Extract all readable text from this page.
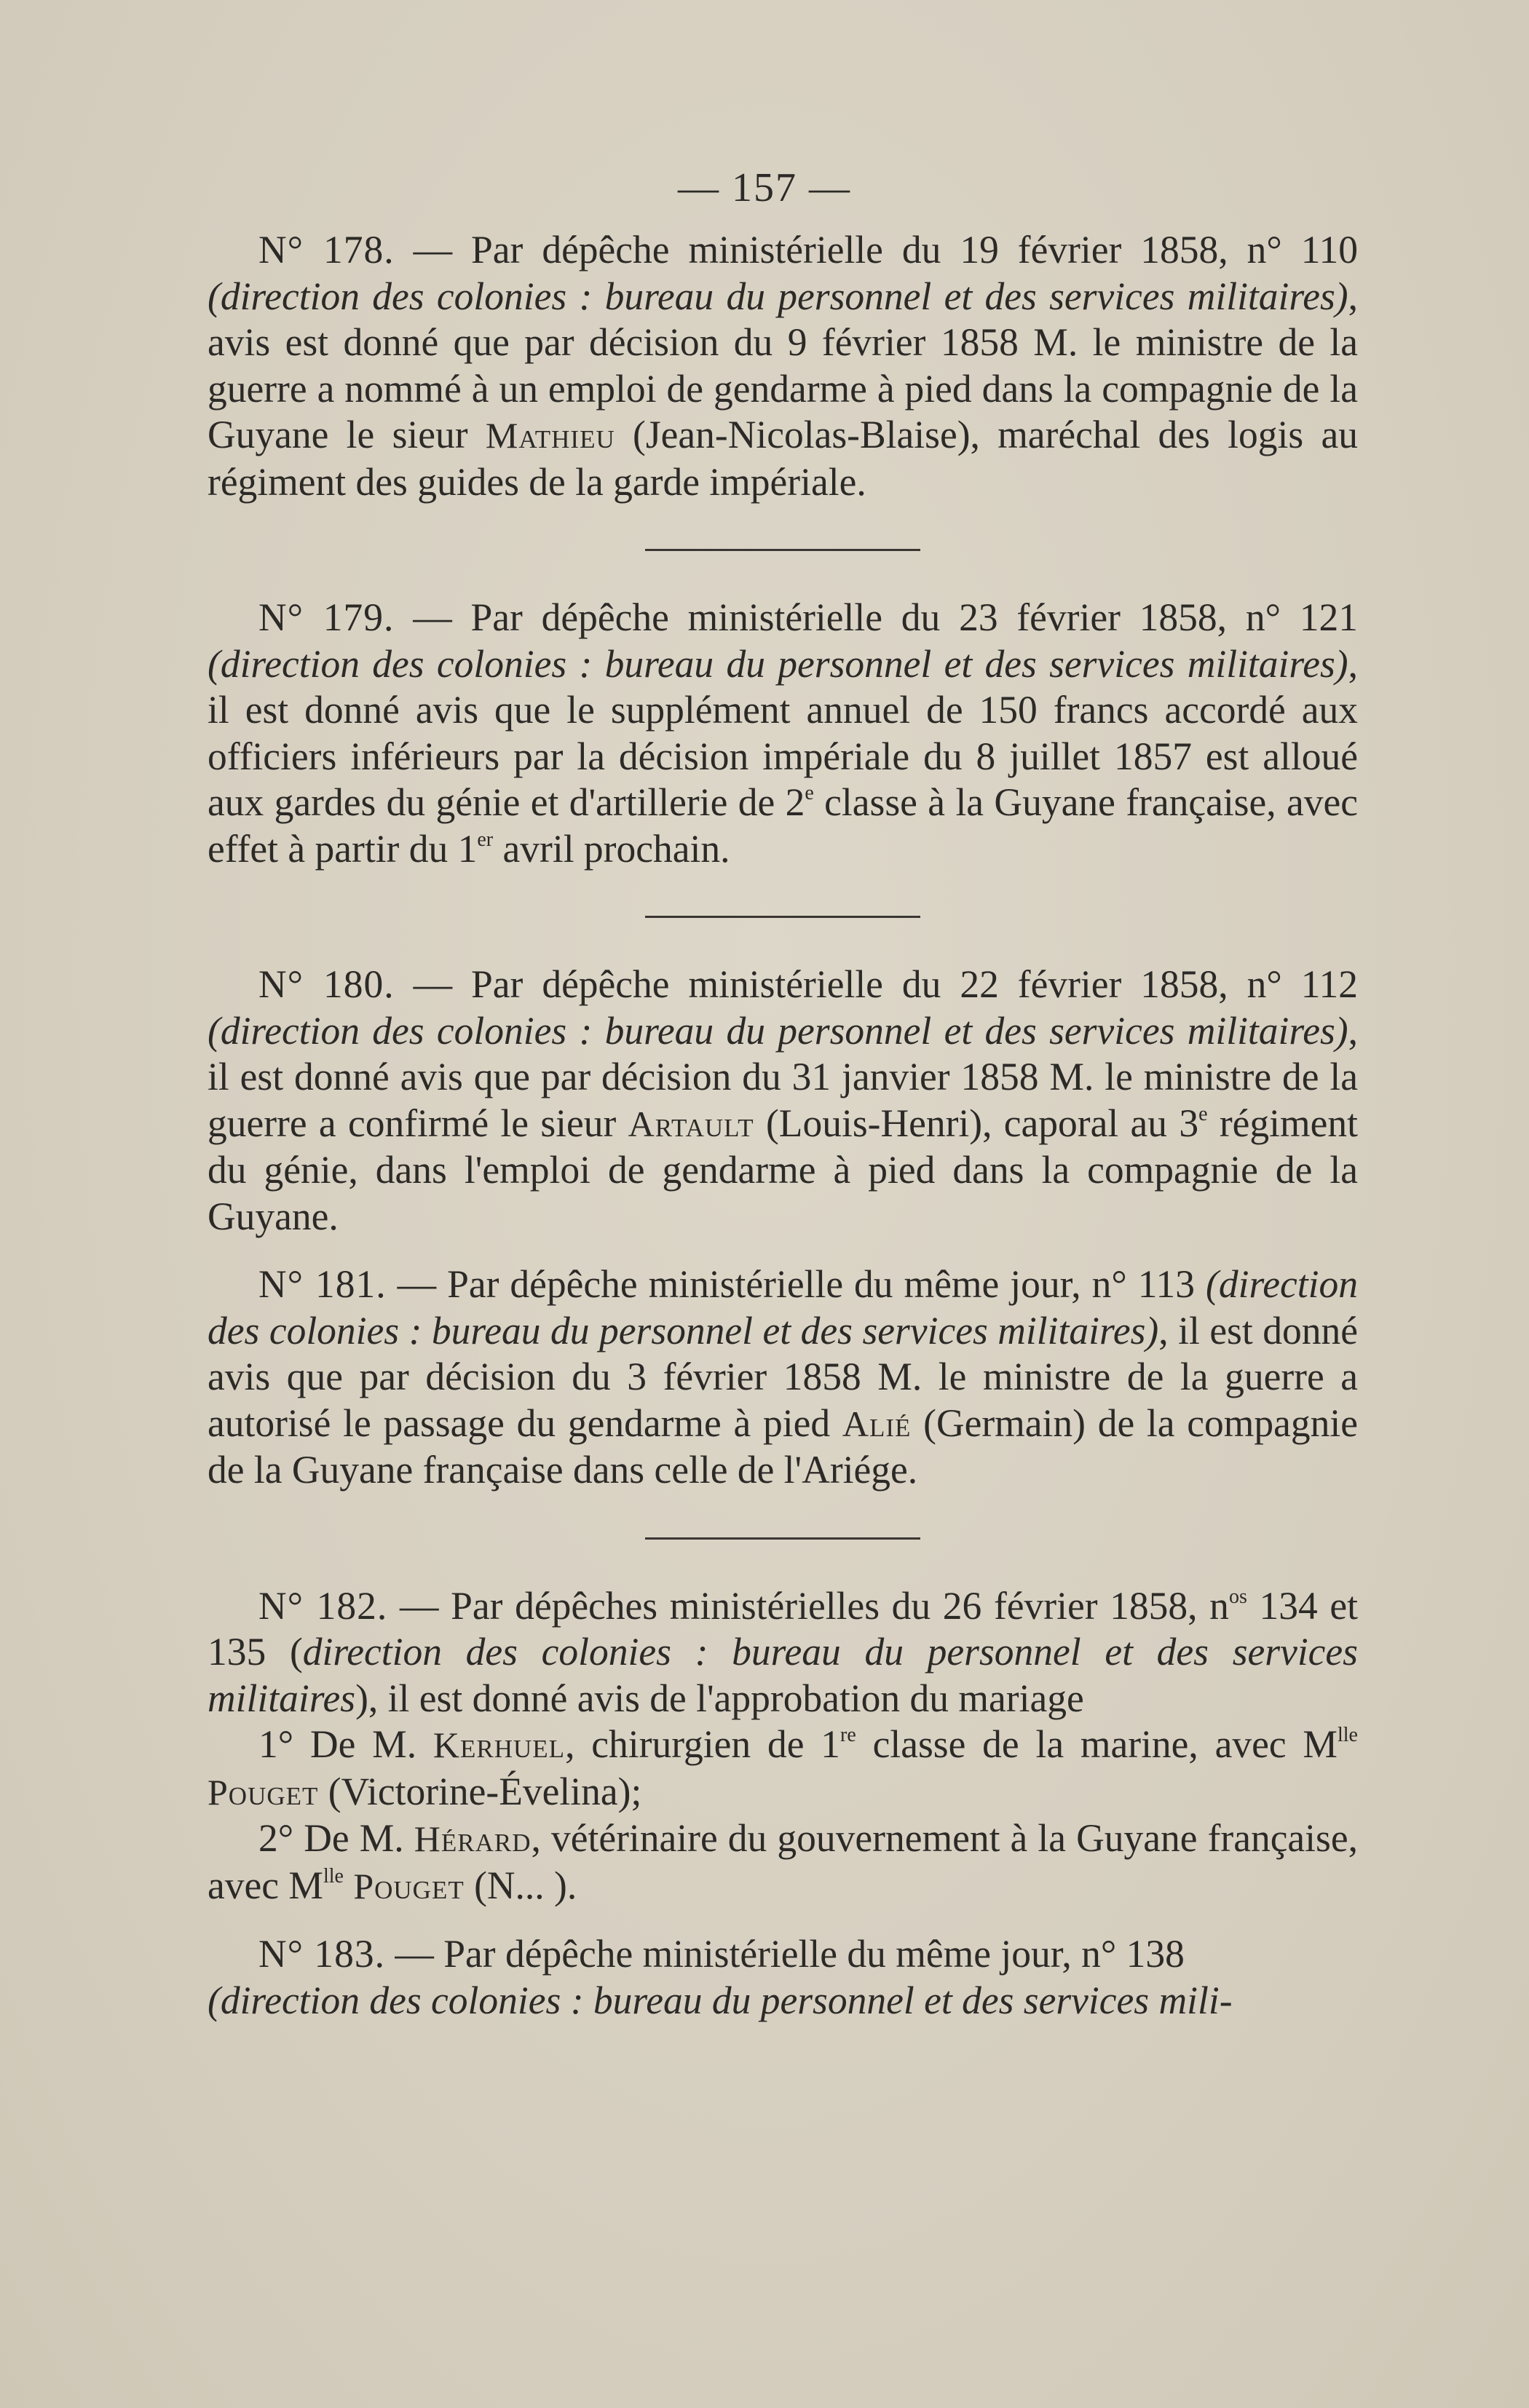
— 157 —

N° 178. — Par dépêche ministérielle du 19 février 1858, n° 110 (direction des colonies : bureau du personnel et des services militaires), avis est donné que par décision du 9 février 1858 M. le ministre de la guerre a nommé à un emploi de gendarme à pied dans la compagnie de la Guyane le sieur Mathieu (Jean-Nicolas-Blaise), maréchal des logis au régiment des guides de la garde impériale.

N° 179. — Par dépêche ministérielle du 23 février 1858, n° 121 (direction des colonies : bureau du personnel et des services militaires), il est donné avis que le supplément annuel de 150 francs accordé aux officiers inférieurs par la décision impériale du 8 juillet 1857 est alloué aux gardes du génie et d'artillerie de 2e classe à la Guyane française, avec effet à partir du 1er avril prochain.

N° 180. — Par dépêche ministérielle du 22 février 1858, n° 112 (direction des colonies : bureau du personnel et des services militaires), il est donné avis que par décision du 31 janvier 1858 M. le ministre de la guerre a confirmé le sieur Artault (Louis-Henri), caporal au 3e régiment du génie, dans l'emploi de gendarme à pied dans la compagnie de la Guyane.

N° 181. — Par dépêche ministérielle du même jour, n° 113 (direction des colonies : bureau du personnel et des services militaires), il est donné avis que par décision du 3 février 1858 M. le ministre de la guerre a autorisé le passage du gendarme à pied Alié (Germain) de la compagnie de la Guyane française dans celle de l'Ariége.

N° 182. — Par dépêches ministérielles du 26 février 1858, $n^{os}$ 134 et 135 (direction des colonies : bureau du personnel et des services militaires), il est donné avis de l'approbation du mariage

1° De M. Kerhuel, chirurgien de 1re classe de la marine, avec $M^{lle}$ Pouget (Victorine-Évelina);

2° De M. Hérard, vétérinaire du gouvernement à la Guyane française, avec $M^{lle}$ Pouget (N... ).

N° 183. — Par dépêche ministérielle du même jour, n° 138

(direction des colonies : bureau du personnel et des services mili-
